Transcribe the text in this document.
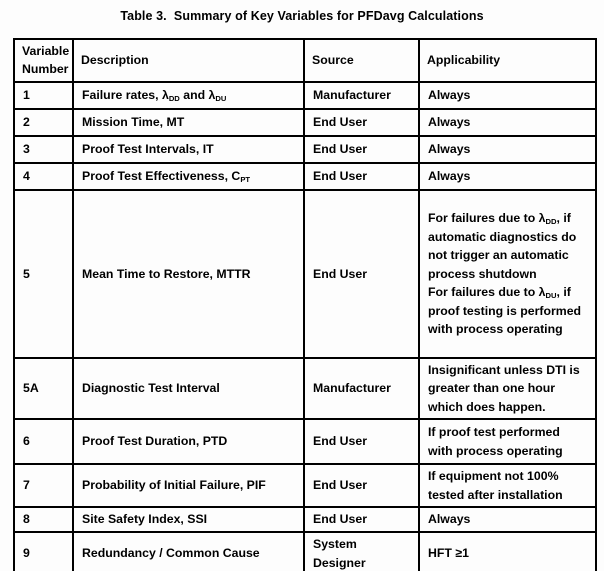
Table 3.  Summary of Key Variables for PFDavg Calculations
Variable Number	Description	Source	Applicability
1	Failure rates, $\lambda_{DD}$ and $\lambda_{DU}$	Manufacturer	Always
2	Mission Time, MT	End User	Always
3	Proof Test Intervals, IT	End User	Always
4	Proof Test Effectiveness, $C_{PT}$	End User	Always
5	Mean Time to Restore, MTTR	End User	For failures due to $\lambda_{DD}$, if automatic diagnostics do not trigger an automatic process shutdown

For failures due to $\lambda_{DU}$, if proof testing is performed with process operating

5A	Diagnostic Test Interval	Manufacturer	Insignificant unless DTI is greater than one hour which does happen.
6	Proof Test Duration, PTD	End User	If proof test performed with process operating
7	Probability of Initial Failure, PIF	End User	If equipment not 100% tested after installation
8	Site Safety Index, SSI	End User	Always
9	Redundancy / Common Cause	System Designer	HFT ≥1
